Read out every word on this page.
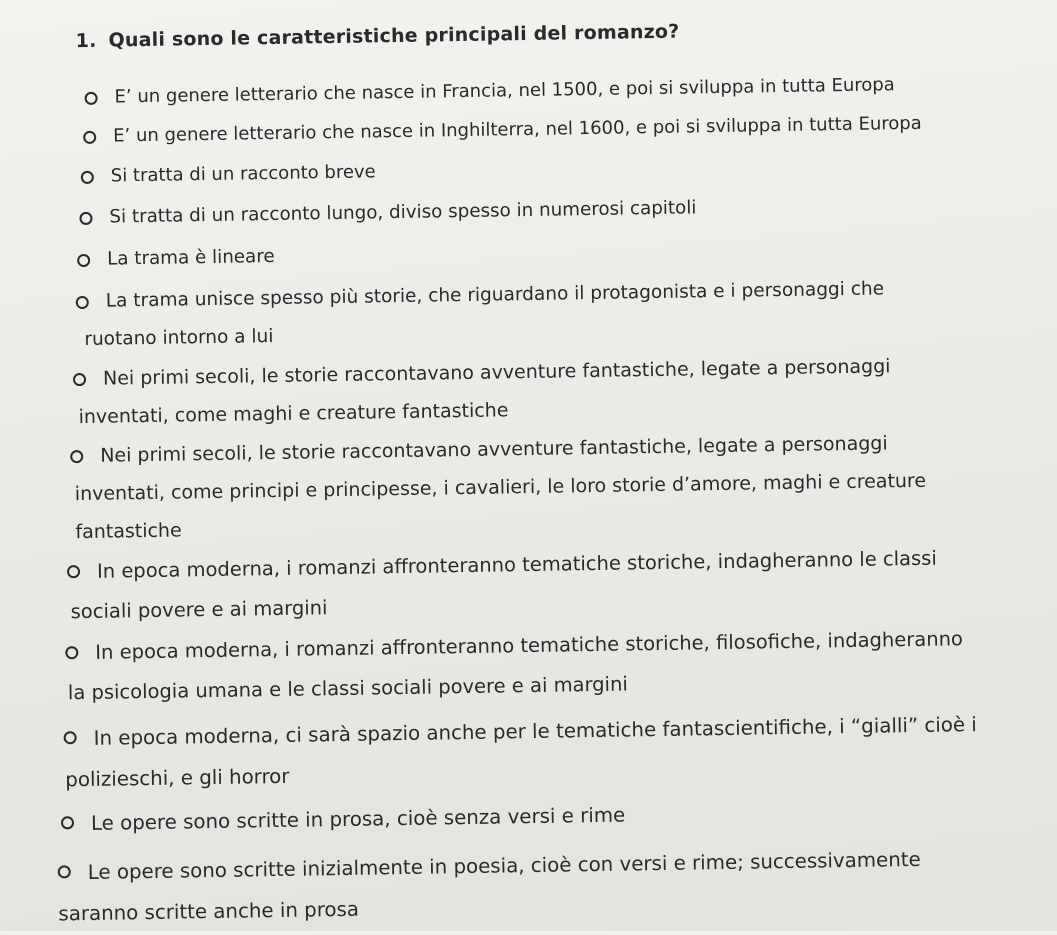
1. Quali sono le caratteristiche principali del romanzo?
E’ un genere letterario che nasce in Francia, nel 1500, e poi si sviluppa in tutta Europa
E’ un genere letterario che nasce in Inghilterra, nel 1600, e poi si sviluppa in tutta Europa
Si tratta di un racconto breve
Si tratta di un racconto lungo, diviso spesso in numerosi capitoli
La trama è lineare
La trama unisce spesso più storie, che riguardano il protagonista e i personaggi che
ruotano intorno a lui
Nei primi secoli, le storie raccontavano avventure fantastiche, legate a personaggi
inventati, come maghi e creature fantastiche
Nei primi secoli, le storie raccontavano avventure fantastiche, legate a personaggi
inventati, come principi e principesse, i cavalieri, le loro storie d’amore, maghi e creature
fantastiche
In epoca moderna, i romanzi affronteranno tematiche storiche, indagheranno le classi
sociali povere e ai margini
In epoca moderna, i romanzi affronteranno tematiche storiche, filosofiche, indagheranno
la psicologia umana e le classi sociali povere e ai margini
In epoca moderna, ci sarà spazio anche per le tematiche fantascientifiche, i “gialli” cioè i
polizieschi, e gli horror
Le opere sono scritte in prosa, cioè senza versi e rime
Le opere sono scritte inizialmente in poesia, cioè con versi e rime; successivamente
saranno scritte anche in prosa
